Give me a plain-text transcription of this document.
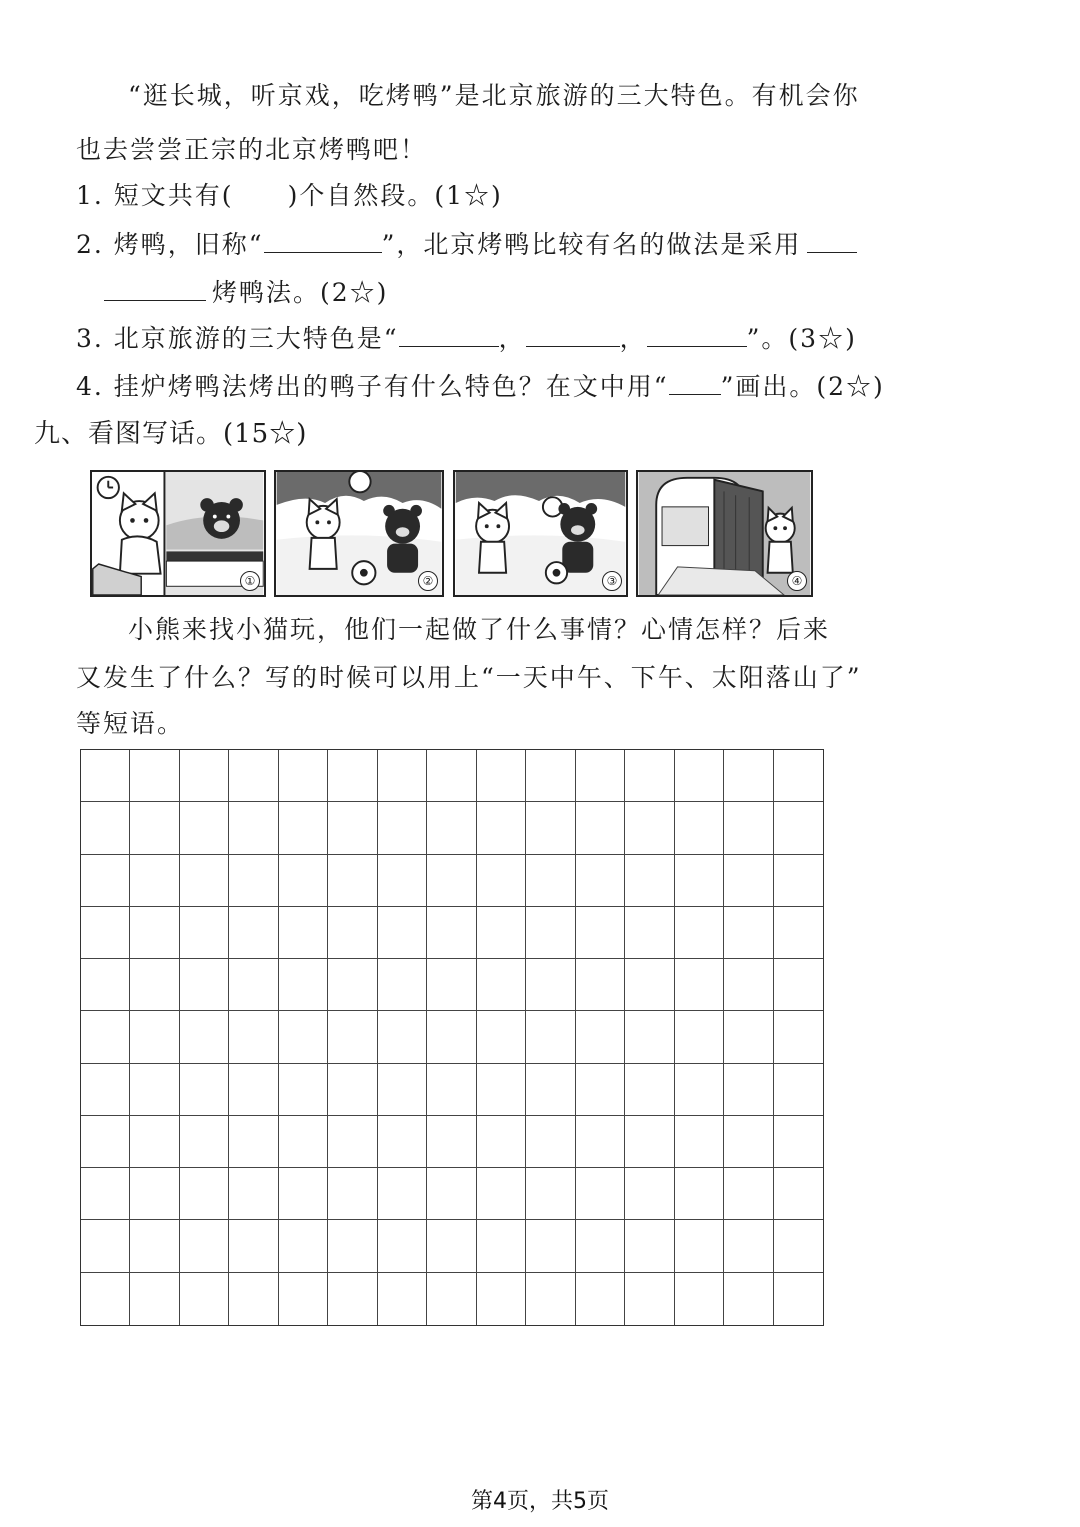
“逛长城，听京戏，吃烤鸭”是北京旅游的三大特色。有机会你
也去尝尝正宗的北京烤鸭吧！
1. 短文共有( )个自然段。(1☆)
2. 烤鸭，旧称“	”，北京烤鸭比较有名的做法是采用
烤鸭法。(2☆)
3. 北京旅游的三大特色是“	，	，	”。(3☆)
4. 挂炉烤鸭法烤出的鸭子有什么特色？在文中用“ ”画出。(2☆)
九、看图写话。(15☆)
①	②	③	④
小熊来找小猫玩，他们一起做了什么事情？心情怎样？后来
又发生了什么？写的时候可以用上“一天中午、下午、太阳落山了”
等短语。
第4页，共5页
